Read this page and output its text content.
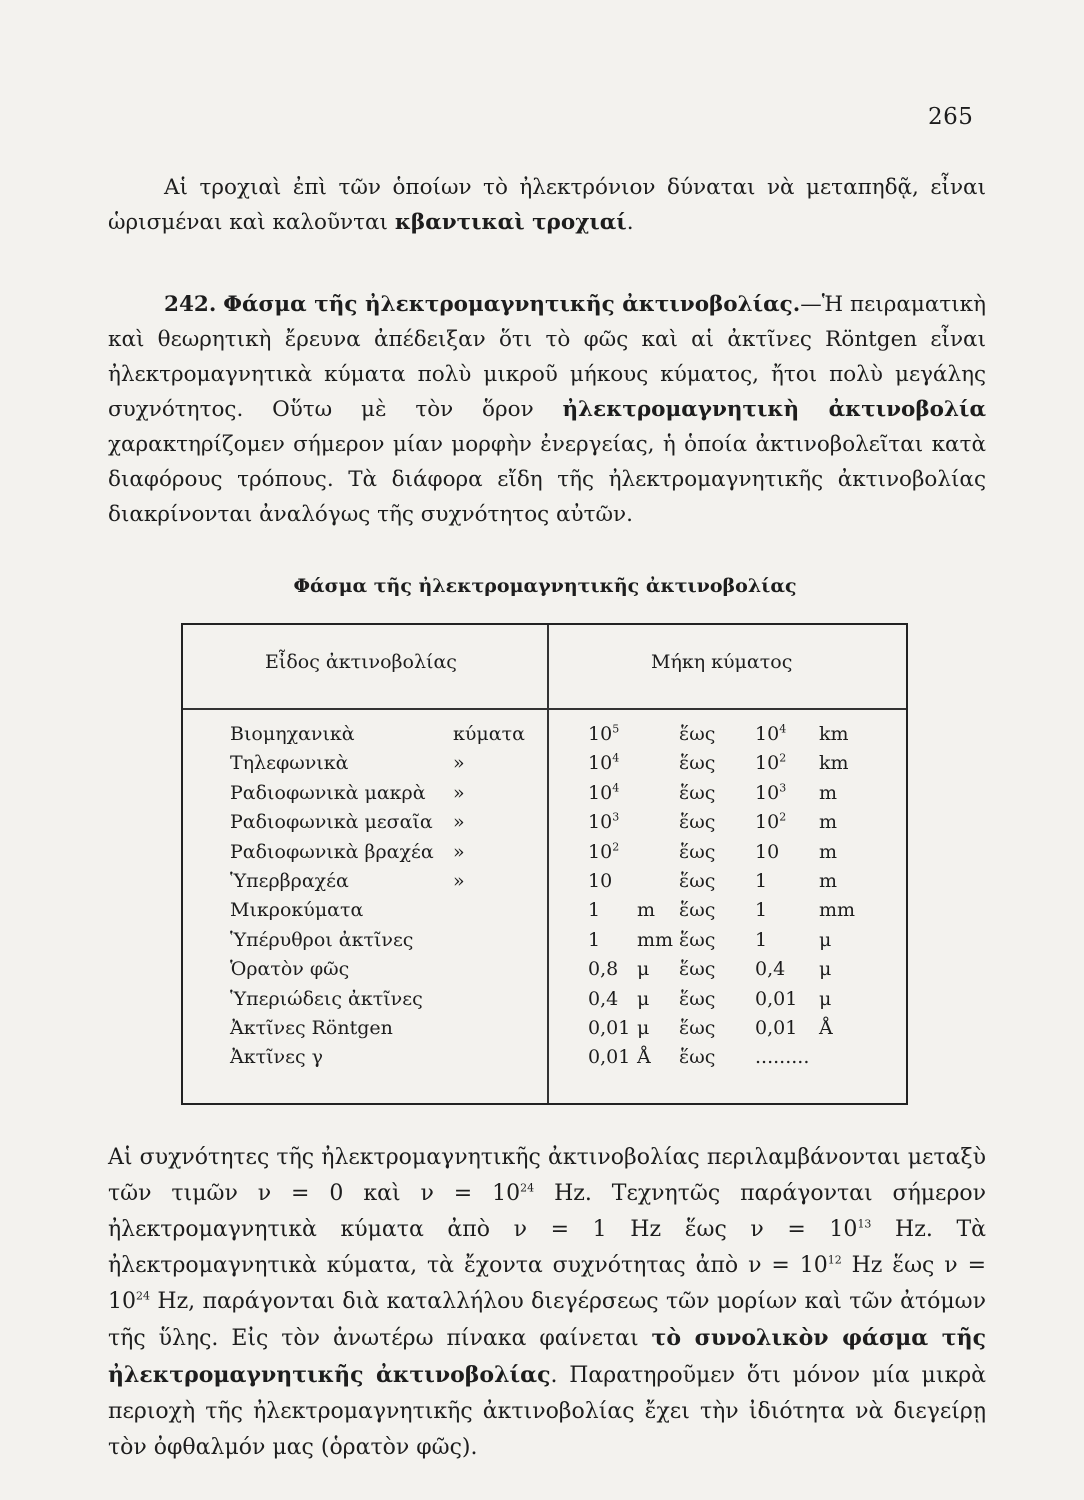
265
Αἱ τροχιαὶ ἐπὶ τῶν ὁποίων τὸ ἠλεκτρόνιον δύναται νὰ μεταπηδᾷ, εἶναι ὡρισμέναι καὶ καλοῦνται κβαντικαὶ τροχιαί.
242. Φάσμα τῆς ἠλεκτρομαγνητικῆς ἀκτινοβολίας.—Ἡ πειραματικὴ καὶ θεωρητικὴ ἔρευνα ἀπέδειξαν ὅτι τὸ φῶς καὶ αἱ ἀκτῖνες Röntgen εἶναι ἠλεκτρομαγνητικὰ κύματα πολὺ μικροῦ μήκους κύματος, ἤτοι πολὺ μεγάλης συχνότητος. Οὕτω μὲ τὸν ὅρον ἠλεκτρομαγνητικὴ ἀκτινοβολία χαρακτηρίζομεν σήμερον μίαν μορφὴν ἐνεργείας, ἡ ὁποία ἀκτινοβολεῖται κατὰ διαφόρους τρόπους. Τὰ διάφορα εἴδη τῆς ἠλεκτρομαγνητικῆς ἀκτινοβολίας διακρίνονται ἀναλόγως τῆς συχνότητος αὐτῶν.
Φάσμα τῆς ἠλεκτρομαγνητικῆς ἀκτινοβολίας
Εἶδος ἀκτινοβολίας	Μήκη κύματος
Βιομηχανικὰ	κύματα	$10^5$	ἕως $10^4$ km
Τηλεφωνικὰ	»	$10^4$	ἕως $10^2$ km
Ραδιοφωνικὰ μακρὰ »	$10^4$	ἕως $10^3$ m
Ραδιοφωνικὰ μεσαῖα »	$10^3$	ἕως $10^2$ m
Ραδιοφωνικὰ βραχέα »	$10^2$	ἕως 10 m
Ὑπερβραχέα	»	10	ἕως 1	m
Μικροκύματα	1 m ἕως 1	mm
Ὑπέρυθροι ἀκτῖνες	1 mm ἕως 1	μ
Ὁρατὸν φῶς	0,8 μ ἕως 0,4 μ
Ὑπεριώδεις ἀκτῖνες	0,4 μ ἕως 0,01 μ
Ἀκτῖνες Röntgen	0,01 μ ἕως 0,01 Å
Ἀκτῖνες γ	0,01 Å ἕως .........
Αἱ συχνότητες τῆς ἠλεκτρομαγνητικῆς ἀκτινοβολίας περιλαμβάνονται μεταξὺ τῶν τιμῶν ν = 0 καὶ $\nu = 10^{24}$ Hz. Τεχνητῶς παράγονται σήμερον ἠλεκτρομαγνητικὰ κύματα ἀπὸ ν = 1 Hz ἕως $\nu = 10^{13}$ Hz. Τὰ ἠλεκτρομαγνητικὰ κύματα, τὰ ἔχοντα συχνότητας ἀπὸ $\nu = 10^{12}$ Hz ἕως $\nu = 10^{24}$ Hz, παράγονται διὰ καταλλήλου διεγέρσεως τῶν μορίων καὶ τῶν ἀτόμων τῆς ὕλης. Εἰς τὸν ἀνωτέρω πίνακα φαίνεται τὸ συνολικὸν φάσμα τῆς ἠλεκτρομαγνητικῆς ἀκτινοβολίας. Παρατηροῦμεν ὅτι μόνον μία μικρὰ περιοχὴ τῆς ἠλεκτρομαγνητικῆς ἀκτινοβολίας ἔχει τὴν ἰδιότητα νὰ διεγείρῃ τὸν ὀφθαλμόν μας (ὁρατὸν φῶς).
